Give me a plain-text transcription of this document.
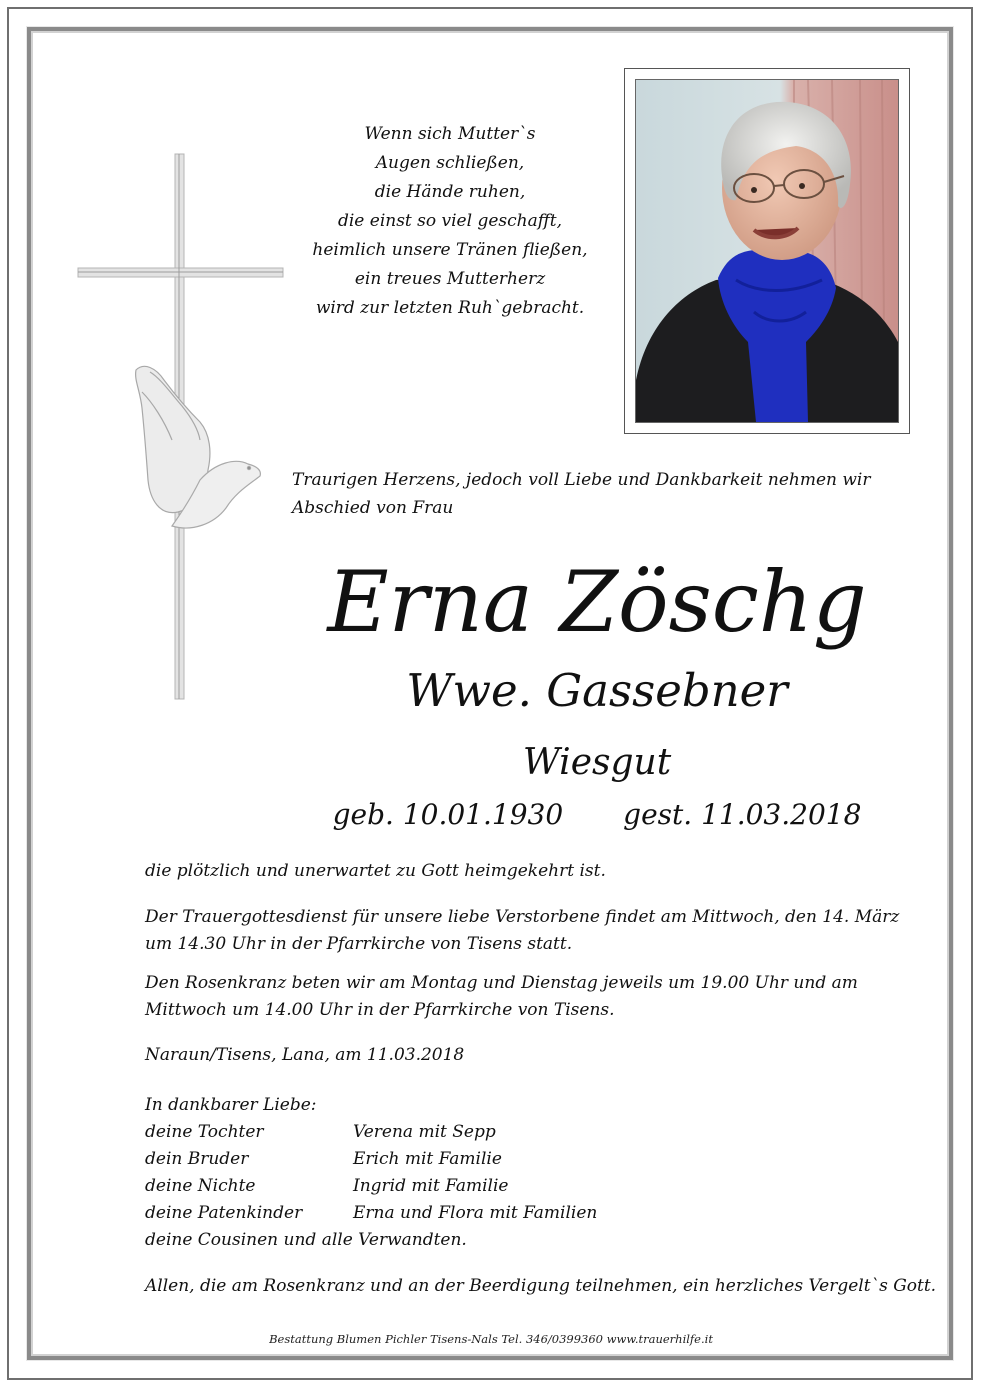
Wenn sich Mutter`s
Augen schließen,
die Hände ruhen,
die einst so viel geschafft,
heimlich unsere Tränen fließen,
ein treues Mutterherz
wird zur letzten Ruh`gebracht.
Traurigen Herzens, jedoch voll Liebe und Dankbarkeit nehmen wir
Abschied von Frau
Erna Zöschg
Wwe. Gassebner
Wiesgut
geb. 10.01.1930 gest. 11.03.2018
die plötzlich und unerwartet zu Gott heimgekehrt ist.
Der Trauergottesdienst für unsere liebe Verstorbene findet am Mittwoch, den 14. März
um 14.30 Uhr in der Pfarrkirche von Tisens statt.
Den Rosenkranz beten wir am Montag und Dienstag jeweils um 19.00 Uhr und am
Mittwoch um 14.00 Uhr in der Pfarrkirche von Tisens.
Naraun/Tisens, Lana, am 11.03.2018
In dankbarer Liebe:
deine Tochter	Verena mit Sepp
dein Bruder	Erich mit Familie
deine Nichte	Ingrid mit Familie
deine Patenkinder	Erna und Flora mit Familien
deine Cousinen und alle Verwandten.
Allen, die am Rosenkranz und an der Beerdigung teilnehmen, ein herzliches Vergelt`s Gott.
Bestattung Blumen Pichler Tisens-Nals Tel. 346/0399360 www.trauerhilfe.it
